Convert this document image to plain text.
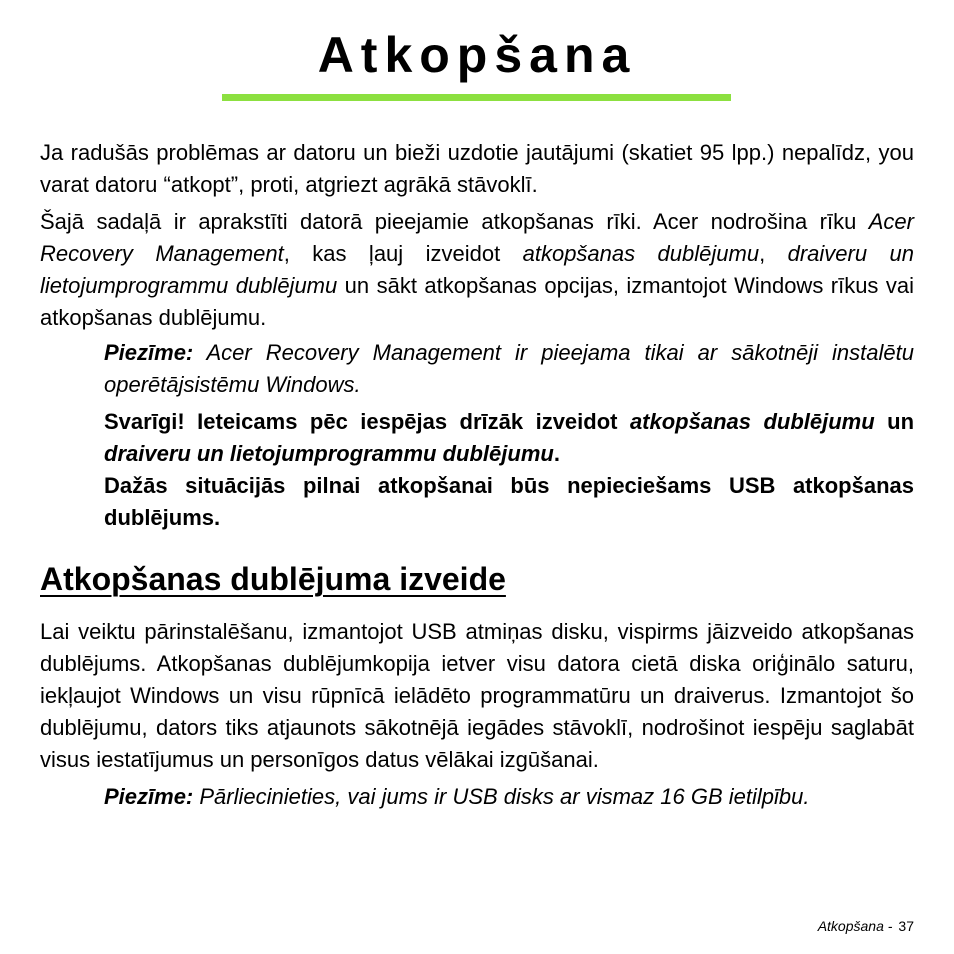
Atkopšana

Ja radušās problēmas ar datoru un bieži uzdotie jautājumi (skatiet 95 lpp.) nepalīdz, you varat datoru “atkopt”, proti, atgriezt agrākā stāvoklī.

Šajā sadaļā ir aprakstīti datorā pieejamie atkopšanas rīki. Acer nodrošina rīku Acer Recovery Management, kas ļauj izveidot atkopšanas dublējumu, draiveru un lietojumprogrammu dublējumu un sākt atkopšanas opcijas, izmantojot Windows rīkus vai atkopšanas dublējumu.

Piezīme: Acer Recovery Management ir pieejama tikai ar sākotnēji instalētu operētājsistēmu Windows.

Svarīgi! Ieteicams pēc iespējas drīzāk izveidot atkopšanas dublējumu un draiveru un lietojumprogrammu dublējumu.

Dažās situācijās pilnai atkopšanai būs nepieciešams USB atkopšanas dublējums.

Atkopšanas dublējuma izveide

Lai veiktu pārinstalēšanu, izmantojot USB atmiņas disku, vispirms jāizveido atkopšanas dublējums. Atkopšanas dublējumkopija ietver visu datora cietā diska oriģinālo saturu, iekļaujot Windows un visu rūpnīcā ielādēto programmatūru un draiverus. Izmantojot šo dublējumu, dators tiks atjaunots sākotnējā iegādes stāvoklī, nodrošinot iespēju saglabāt visus iestatījumus un personīgos datus vēlākai izgūšanai.

Piezīme: Pārliecinieties, vai jums ir USB disks ar vismaz 16 GB ietilpību.

Atkopšana - 37
